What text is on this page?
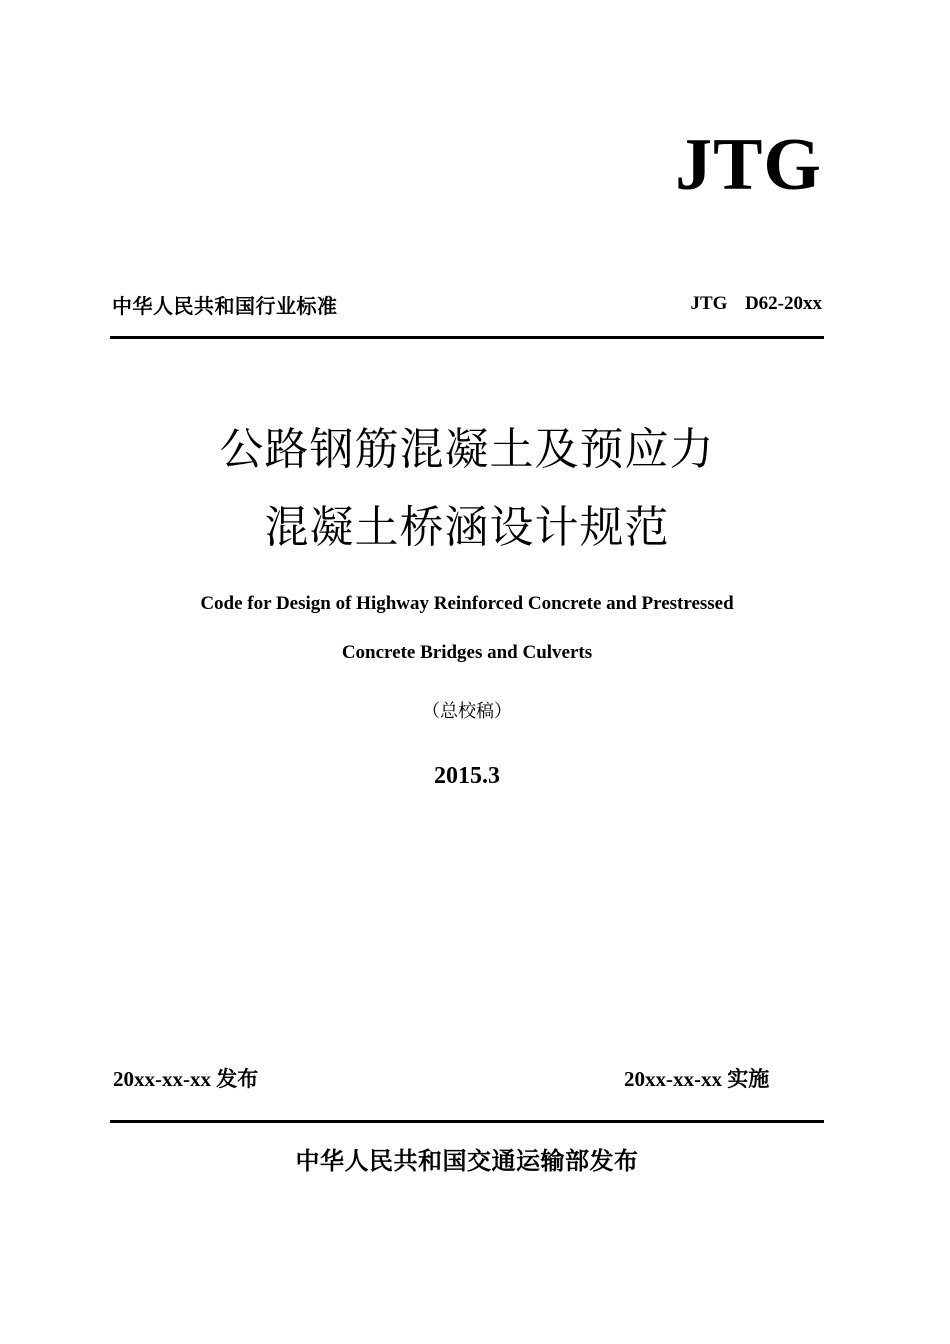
JTG
中华人民共和国行业标准	JTG  D62-20xx
公路钢筋混凝土及预应力
混凝土桥涵设计规范
Code for Design of Highway Reinforced Concrete and Prestressed
Concrete Bridges and Culverts
（总校稿）
2015.3
20xx-xx-xx 发布	20xx-xx-xx 实施
中华人民共和国交通运输部发布
